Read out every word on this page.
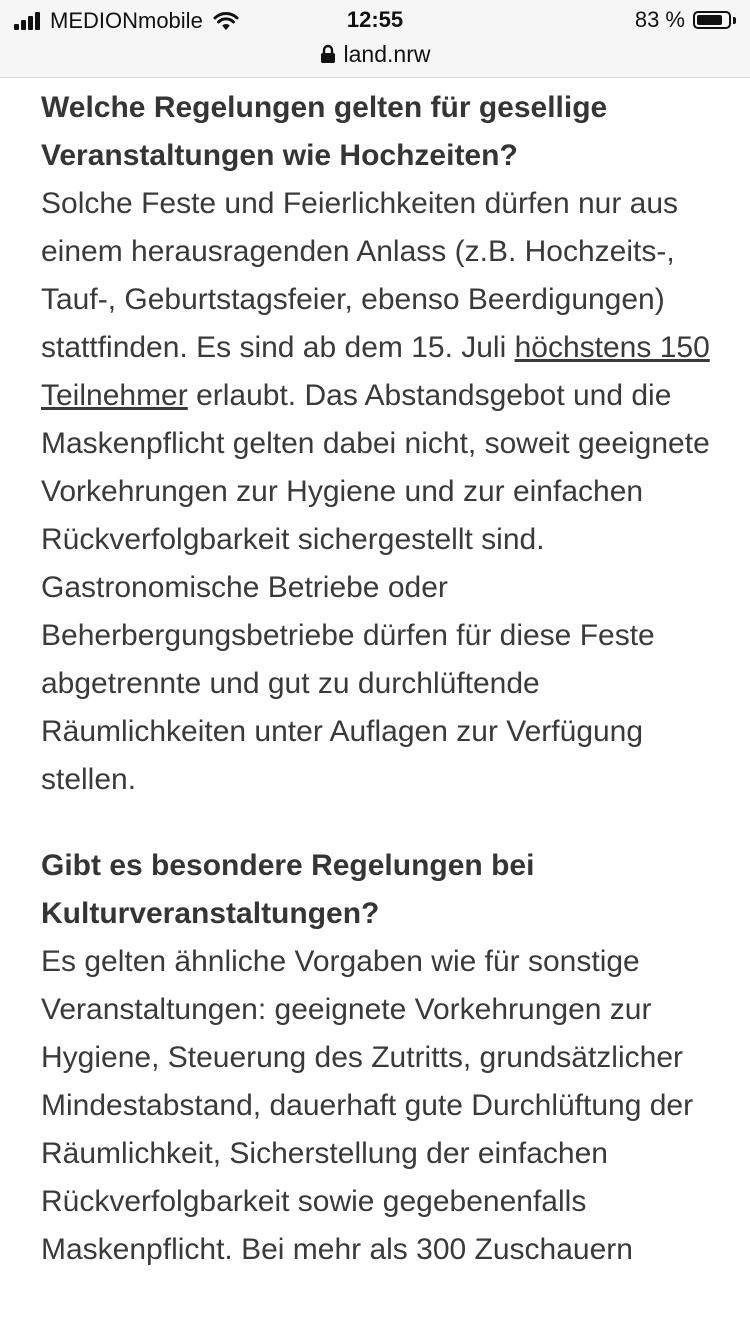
MEDIONmobile	12:55	83 %
land.nrw

Welche Regelungen gelten für gesellige Veranstaltungen wie Hochzeiten?

Solche Feste und Feierlichkeiten dürfen nur aus einem herausragenden Anlass (z.B. Hochzeits-, Tauf-, Geburtstagsfeier, ebenso Beerdigungen) stattfinden. Es sind ab dem 15. Juli höchstens 150 Teilnehmer erlaubt. Das Abstandsgebot und die Maskenpflicht gelten dabei nicht, soweit geeignete Vorkehrungen zur Hygiene und zur einfachen Rückverfolgbarkeit sichergestellt sind. Gastronomische Betriebe oder Beherbergungsbetriebe dürfen für diese Feste abgetrennte und gut zu durchlüftende Räumlichkeiten unter Auflagen zur Verfügung stellen.

Gibt es besondere Regelungen bei Kulturveranstaltungen?

Es gelten ähnliche Vorgaben wie für sonstige Veranstaltungen: geeignete Vorkehrungen zur Hygiene, Steuerung des Zutritts, grundsätzlicher Mindestabstand, dauerhaft gute Durchlüftung der Räumlichkeit, Sicherstellung der einfachen Rückverfolgbarkeit sowie gegebenenfalls Maskenpflicht. Bei mehr als 300 Zuschauern
